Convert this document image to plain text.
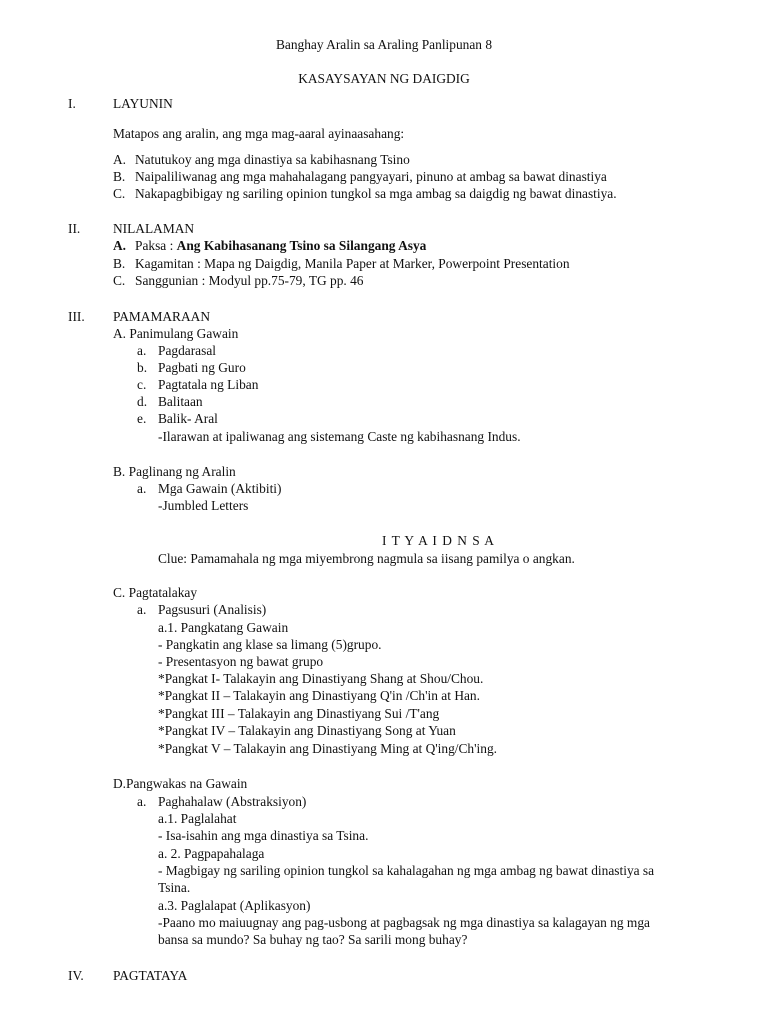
Banghay Aralin sa Araling Panlipunan 8
KASAYSAYAN NG DAIGDIG
I.	LAYUNIN
Matapos ang aralin, ang mga mag-aaral ayinaasahang:
A. Natutukoy ang mga dinastiya sa kabihasnang Tsino
B. Naipaliliwanag ang mga mahahalagang pangyayari, pinuno at ambag sa bawat dinastiya
C. Nakapagbibigay ng sariling opinion tungkol sa mga ambag sa daigdig ng bawat dinastiya.
II. NILALAMAN
A. Paksa : Ang Kabihasanang Tsino sa Silangang Asya
B. Kagamitan : Mapa ng Daigdig, Manila Paper at Marker, Powerpoint Presentation
C. Sanggunian : Modyul pp.75-79, TG pp. 46
III. PAMAMARAAN
A. Panimulang Gawain
a. Pagdarasal
b. Pagbati ng Guro
c. Pagtatala ng Liban
d. Balitaan
e. Balik- Aral
-Ilarawan at ipaliwanag ang sistemang Caste ng kabihasnang Indus.
B. Paglinang ng Aralin
a. Mga Gawain (Aktibiti)
-Jumbled Letters
I T Y A I D N S A
Clue: Pamamahala ng mga miyembrong nagmula sa iisang pamilya o angkan.
C. Pagtatalakay
a. Pagsusuri (Analisis)
a.1. Pangkatang Gawain
- Pangkatin ang klase sa limang (5)grupo.
- Presentasyon ng bawat grupo
*Pangkat I- Talakayin ang Dinastiyang Shang at Shou/Chou.
*Pangkat II – Talakayin ang Dinastiyang Q'in /Ch'in at Han.
*Pangkat III – Talakayin ang Dinastiyang Sui /T'ang
*Pangkat IV – Talakayin ang Dinastiyang Song at Yuan
*Pangkat V – Talakayin ang Dinastiyang Ming at Q'ing/Ch'ing.
D.Pangwakas na Gawain
a. Paghahalaw (Abstraksiyon)
a.1. Paglalahat
- Isa-isahin ang mga dinastiya sa Tsina.
a. 2. Pagpapahalaga
- Magbigay ng sariling opinion tungkol sa kahalagahan ng mga ambag ng bawat dinastiya sa
Tsina.
a.3. Paglalapat (Aplikasyon)
-Paano mo maiuugnay ang pag-usbong at pagbagsak ng mga dinastiya sa kalagayan ng mga
bansa sa mundo? Sa buhay ng tao? Sa sarili mong buhay?
IV. PAGTATAYA
